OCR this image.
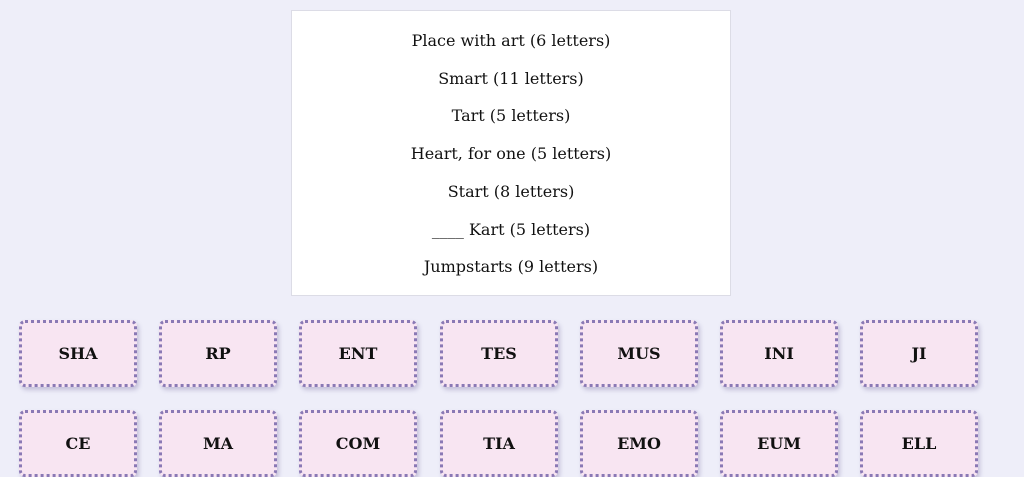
Place with art (6 letters)
Smart (11 letters)
Tart (5 letters)
Heart, for one (5 letters)
Start (8 letters)
____ Kart (5 letters)
Jumpstarts (9 letters)
SHA	RP	ENT	TES	MUS	INI	JI
CE	MA	COM	TIA	EMO	EUM	ELL
